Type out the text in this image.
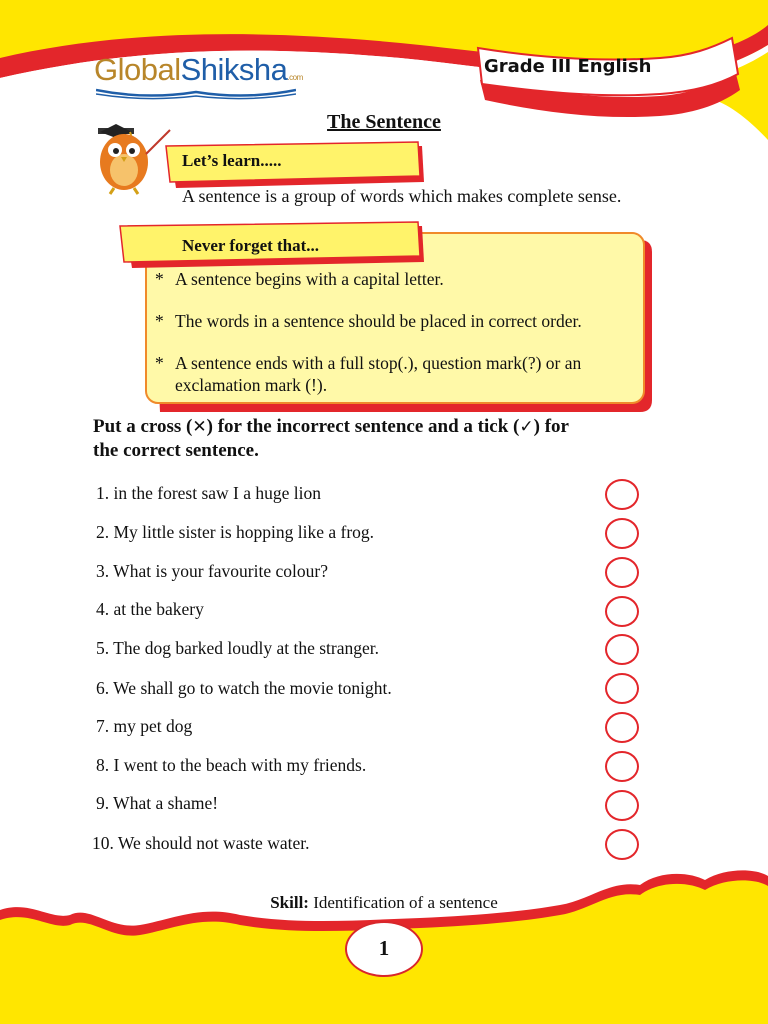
GlobalShiksha.com
Grade III English
The Sentence
Let’s learn.....
A sentence is a group of words which makes complete sense.
Never forget that...
* A sentence begins with a capital letter.
* The words in a sentence should be placed in correct order.
* A sentence ends with a full stop(.), question mark(?) or an
exclamation mark (!).
Put a cross (✕) for the incorrect sentence and a tick (✓) for
the correct sentence.
1. in the forest saw I a huge lion
2. My little sister is hopping like a frog.
3. What is your favourite colour?
4. at the bakery
5. The dog barked loudly at the stranger.
6. We shall go to watch the movie tonight.
7. my pet dog
8. I went to the beach with my friends.
9. What a shame!
10. We should not waste water.
Skill: Identification of a sentence
1
